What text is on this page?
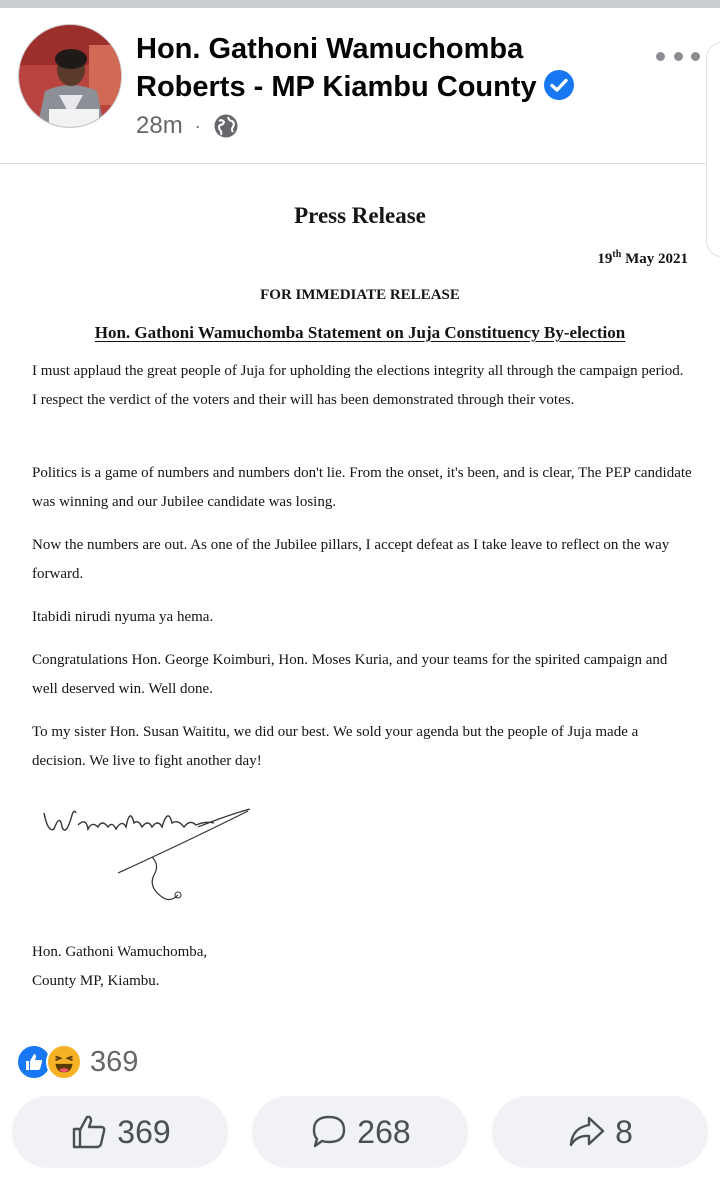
Hon. Gathoni Wamuchomba
Roberts - MP Kiambu County
28m ·
Press Release
19th May 2021
FOR IMMEDIATE RELEASE
Hon. Gathoni Wamuchomba Statement on Juja Constituency By-election
I must applaud the great people of Juja for upholding the elections integrity all through the campaign period. I respect the verdict of the voters and their will has been demonstrated through their votes.
Politics is a game of numbers and numbers don't lie. From the onset, it's been, and is clear, The PEP candidate was winning and our Jubilee candidate was losing.
Now the numbers are out. As one of the Jubilee pillars, I accept defeat as I take leave to reflect on the way forward.
Itabidi nirudi nyuma ya hema.
Congratulations Hon. George Koimburi, Hon. Moses Kuria, and your teams for the spirited campaign and well deserved win. Well done.
To my sister Hon. Susan Waititu, we did our best. We sold your agenda but the people of Juja made a decision. We live to fight another day!
Hon. Gathoni Wamuchomba,
County MP, Kiambu.
369
369	268	8
